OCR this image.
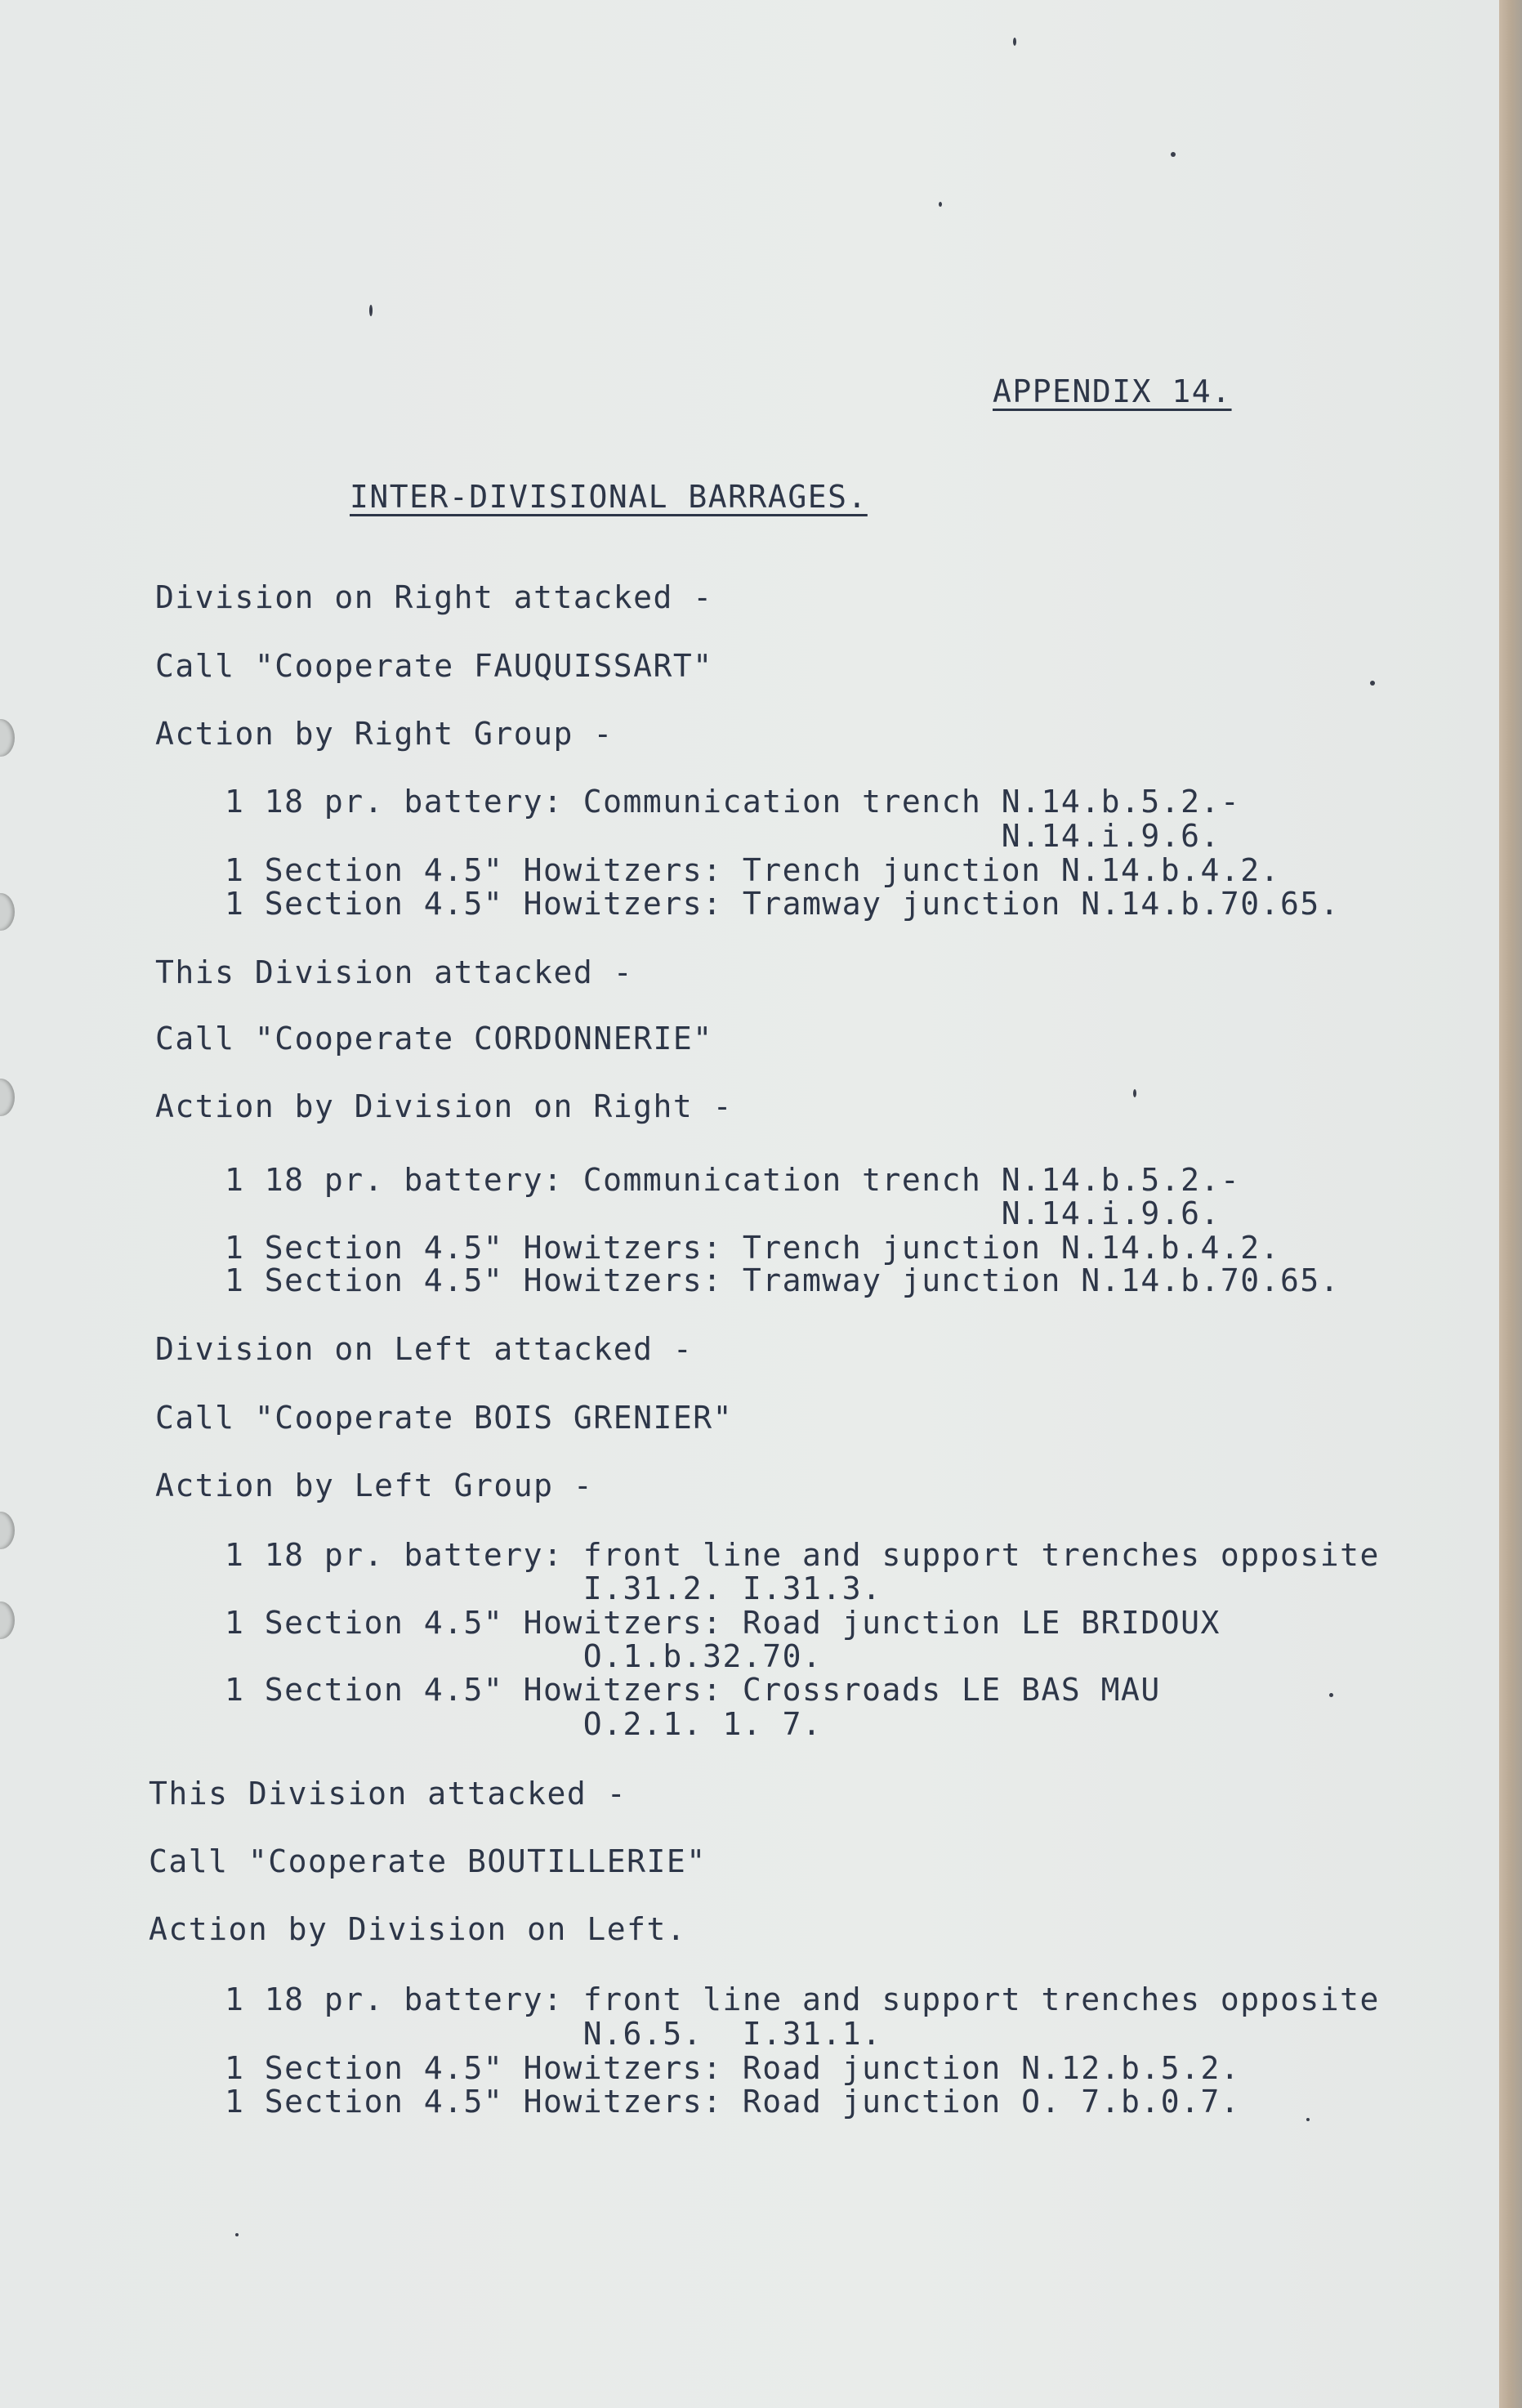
APPENDIX 14.
INTER-DIVISIONAL BARRAGES.
Division on Right attacked -
Call "Cooperate FAUQUISSART"
Action by Right Group -
1 18 pr. battery: Communication trench N.14.b.5.2.-
N.14.i.9.6.
1 Section 4.5" Howitzers: Trench junction N.14.b.4.2.
1 Section 4.5" Howitzers: Tramway junction N.14.b.70.65.
This Division attacked -
Call "Cooperate CORDONNERIE"
Action by Division on Right -
1 18 pr. battery: Communication trench N.14.b.5.2.-
N.14.i.9.6.
1 Section 4.5" Howitzers: Trench junction N.14.b.4.2.
1 Section 4.5" Howitzers: Tramway junction N.14.b.70.65.
Division on Left attacked -
Call "Cooperate BOIS GRENIER"
Action by Left Group -
1 18 pr. battery: front line and support trenches opposite
I.31.2. I.31.3.
1 Section 4.5" Howitzers: Road junction LE BRIDOUX
O.1.b.32.70.
1 Section 4.5" Howitzers: Crossroads LE BAS MAU
O.2.1. 1. 7.
This Division attacked -
Call "Cooperate BOUTILLERIE"
Action by Division on Left.
1 18 pr. battery: front line and support trenches opposite
N.6.5.  I.31.1.
1 Section 4.5" Howitzers: Road junction N.12.b.5.2.
1 Section 4.5" Howitzers: Road junction O. 7.b.0.7.
